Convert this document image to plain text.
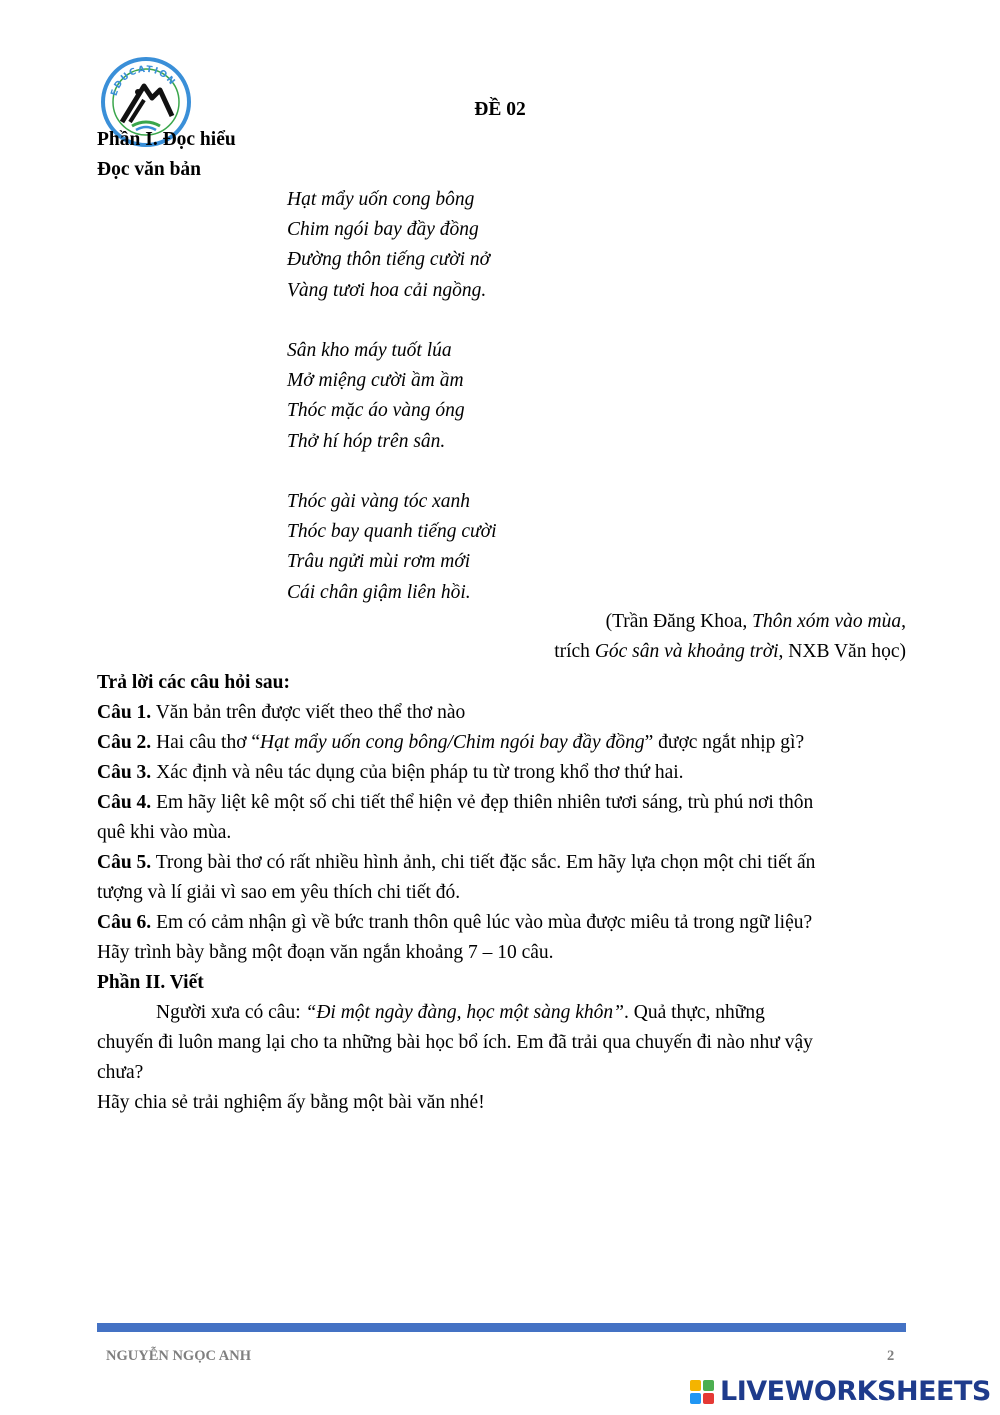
EDUCATION
ĐỀ 02
Phần I. Đọc hiểu
Đọc văn bản
Hạt mẩy uốn cong bông
Chim ngói bay đầy đồng
Đường thôn tiếng cười nở
Vàng tươi hoa cải ngồng.
Sân kho máy tuốt lúa
Mở miệng cười ầm ầm
Thóc mặc áo vàng óng
Thở hí hóp trên sân.
Thóc gài vàng tóc xanh
Thóc bay quanh tiếng cười
Trâu ngửi mùi rơm mới
Cái chân giậm liên hồi.
(Trần Đăng Khoa, Thôn xóm vào mùa,
trích Góc sân và khoảng trời, NXB Văn học)
Trả lời các câu hỏi sau:
Câu 1. Văn bản trên được viết theo thể thơ nào
Câu 2. Hai câu thơ “Hạt mẩy uốn cong bông/Chim ngói bay đầy đồng” được ngắt nhịp gì?
Câu 3. Xác định và nêu tác dụng của biện pháp tu từ trong khổ thơ thứ hai.
Câu 4. Em hãy liệt kê một số chi tiết thể hiện vẻ đẹp thiên nhiên tươi sáng, trù phú nơi thôn
quê khi vào mùa.
Câu 5. Trong bài thơ có rất nhiều hình ảnh, chi tiết đặc sắc. Em hãy lựa chọn một chi tiết ấn
tượng và lí giải vì sao em yêu thích chi tiết đó.
Câu 6. Em có cảm nhận gì về bức tranh thôn quê lúc vào mùa được miêu tả trong ngữ liệu?
Hãy trình bày bằng một đoạn văn ngắn khoảng 7 – 10 câu.
Phần II. Viết
Người xưa có câu: “Đi một ngày đàng, học một sàng khôn”. Quả thực, những
chuyến đi luôn mang lại cho ta những bài học bổ ích. Em đã trải qua chuyến đi nào như vậy
chưa?
Hãy chia sẻ trải nghiệm ấy bằng một bài văn nhé!
NGUYỄN NGỌC ANH	2
LIVEWORKSHEETS
